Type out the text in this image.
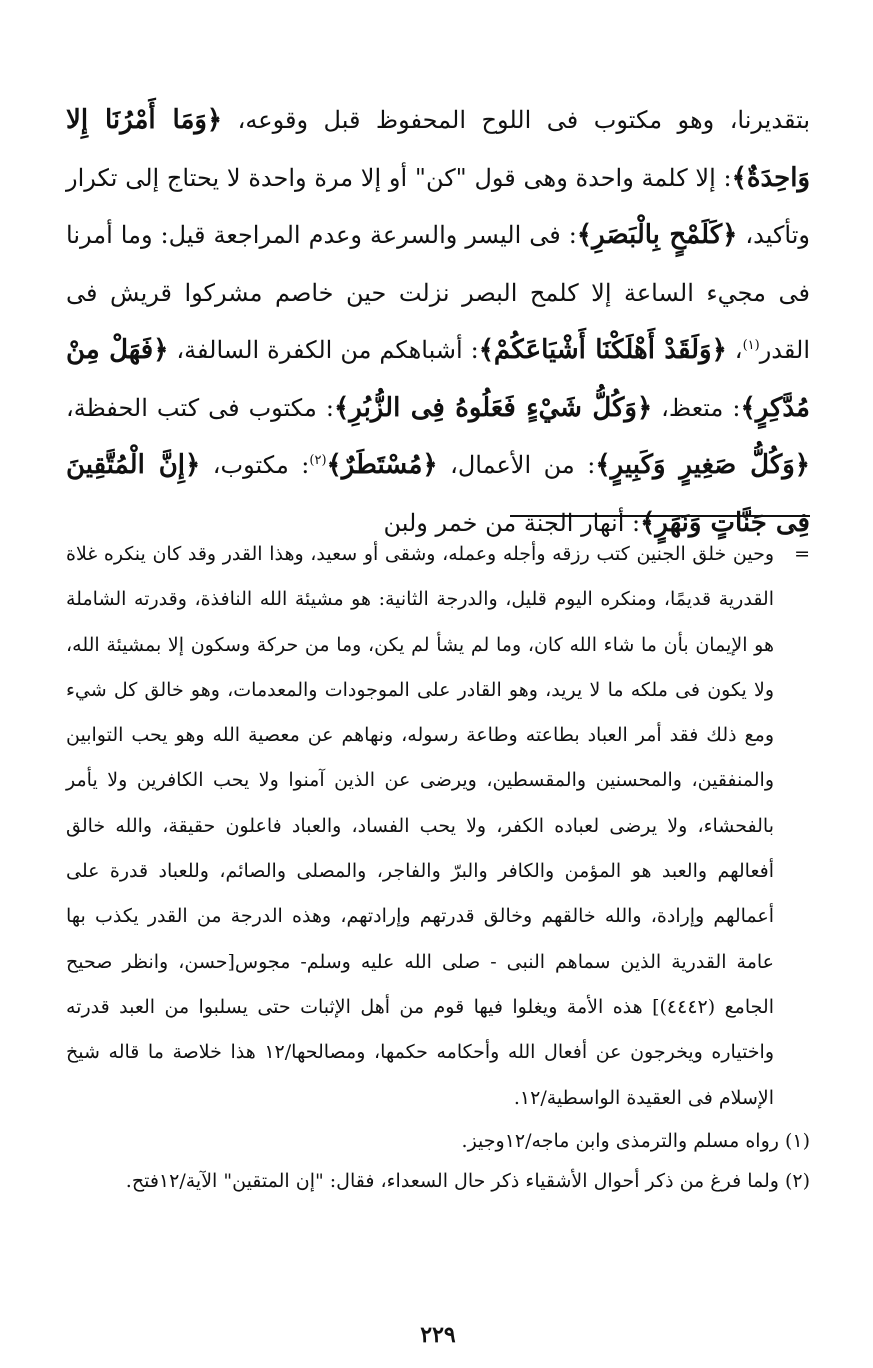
بتقديرنا، وهو مكتوب فى اللوح المحفوظ قبل وقوعه، ﴿وَمَا أَمْرُنَا إِلا وَاحِدَةٌ﴾: إلا كلمة واحدة وهى قول "كن" أو إلا مرة واحدة لا يحتاج إلى تكرار وتأكيد، ﴿كَلَمْحٍ بِالْبَصَرِ﴾: فى اليسر والسرعة وعدم المراجعة قيل: وما أمرنا فى مجيء الساعة إلا كلمح البصر نزلت حين خاصم مشركوا قريش فى القدر$^{(١)}$، ﴿وَلَقَدْ أَهْلَكْنَا أَشْيَاعَكُمْ﴾: أشباهكم من الكفرة السالفة، ﴿فَهَلْ مِنْ مُدَّكِرٍ﴾: متعظ، ﴿وَكُلُّ شَيْءٍ فَعَلُوهُ فِى الزُّبُرِ﴾: مكتوب فى كتب الحفظة، ﴿وَكُلُّ صَغِيرٍ وَكَبِيرٍ﴾: من الأعمال، ﴿مُسْتَطَرٌ﴾$^{(٢)}$: مكتوب، ﴿إِنَّ الْمُتَّقِينَ فِى جَنَّاتٍ وَنَهَرٍ﴾: أنهار الجنة من خمر ولبن

=
وحين خلق الجنين كتب رزقه وأجله وعمله، وشقى أو سعيد، وهذا القدر وقد كان ينكره غلاة القدرية قديمًا، ومنكره اليوم قليل، والدرجة الثانية: هو مشيئة الله النافذة، وقدرته الشاملة هو الإيمان بأن ما شاء الله كان، وما لم يشأ لم يكن، وما من حركة وسكون إلا بمشيئة الله، ولا يكون فى ملكه ما لا يريد، وهو القادر على الموجودات والمعدمات، وهو خالق كل شيء ومع ذلك فقد أمر العباد بطاعته وطاعة رسوله، ونهاهم عن معصية الله وهو يحب التوابين والمنفقين، والمحسنين والمقسطين، ويرضى عن الذين آمنوا ولا يحب الكافرين ولا يأمر بالفحشاء، ولا يرضى لعباده الكفر، ولا يحب الفساد، والعباد فاعلون حقيقة، والله خالق أفعالهم والعبد هو المؤمن والكافر والبرّ والفاجر، والمصلى والصائم، وللعباد قدرة على أعمالهم وإرادة، والله خالقهم وخالق قدرتهم وإرادتهم، وهذه الدرجة من القدر يكذب بها عامة القدرية الذين سماهم النبى - صلى الله عليه وسلم- مجوس[حسن، وانظر صحيح الجامع (٤٤٤٢)] هذه الأمة ويغلوا فيها قوم من أهل الإثبات حتى يسلبوا من العبد قدرته واختياره ويخرجون عن أفعال الله وأحكامه حكمها، ومصالحها/١٢ هذا خلاصة ما قاله شيخ الإسلام فى العقيدة الواسطية/١٢.

(١)رواه مسلم والترمذى وابن ماجه/١٢وجيز.

(٢)ولما فرغ من ذكر أحوال الأشقياء ذكر حال السعداء، فقال: "إن المتقين" الآية/١٢فتح.

٢٢٩
